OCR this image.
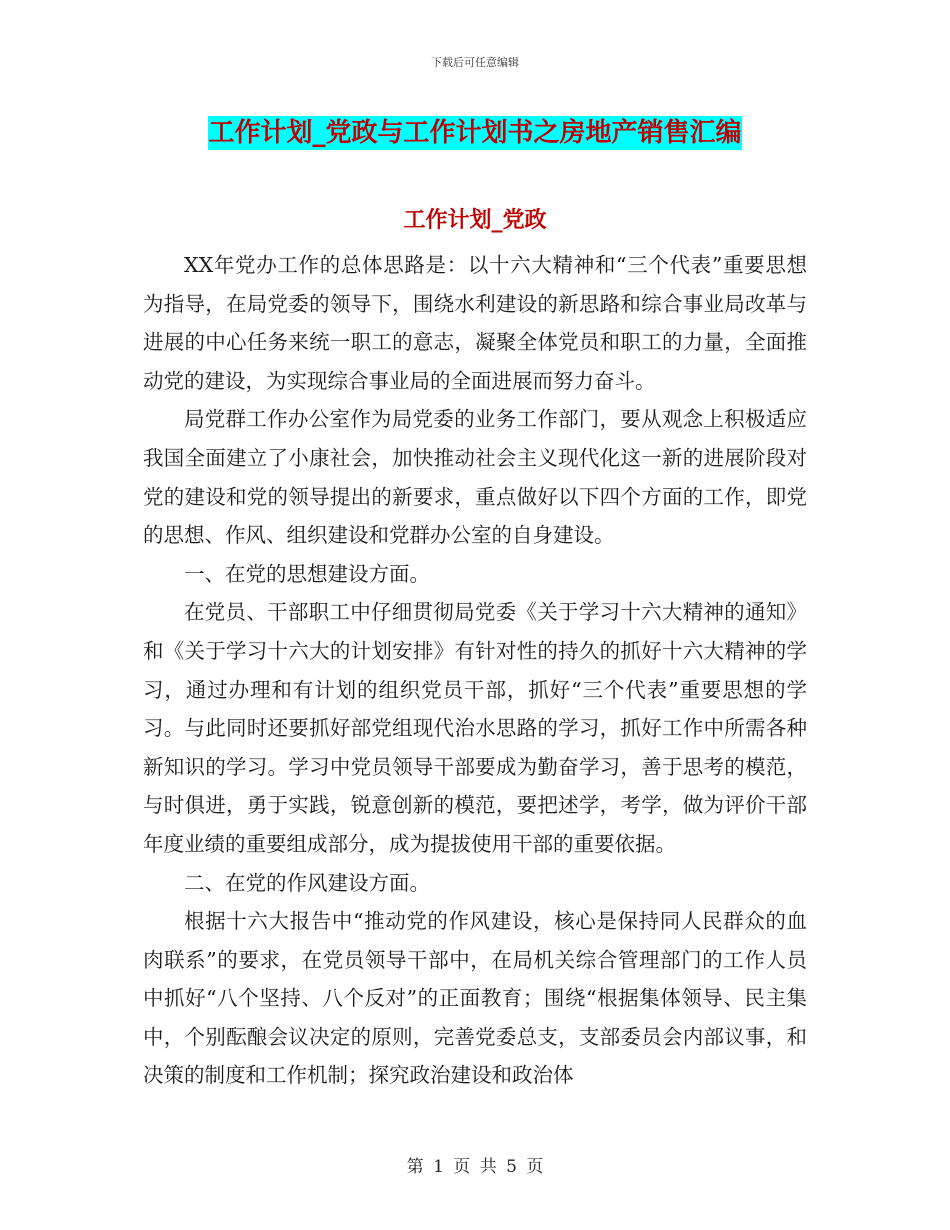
下载后可任意编辑
工作计划_党政与工作计划书之房地产销售汇编
工作计划_党政

XX年党办工作的总体思路是：以十六大精神和“三个代表”重要思想为指导，在局党委的领导下，围绕水利建设的新思路和综合事业局改革与进展的中心任务来统一职工的意志，凝聚全体党员和职工的力量，全面推动党的建设，为实现综合事业局的全面进展而努力奋斗。

局党群工作办公室作为局党委的业务工作部门，要从观念上积极适应我国全面建立了小康社会，加快推动社会主义现代化这一新的进展阶段对党的建设和党的领导提出的新要求，重点做好以下四个方面的工作，即党的思想、作风、组织建设和党群办公室的自身建设。

一、在党的思想建设方面。

在党员、干部职工中仔细贯彻局党委《关于学习十六大精神的通知》和《关于学习十六大的计划安排》有针对性的持久的抓好十六大精神的学习，通过办理和有计划的组织党员干部，抓好“三个代表”重要思想的学习。与此同时还要抓好部党组现代治水思路的学习，抓好工作中所需各种新知识的学习。学习中党员领导干部要成为勤奋学习，善于思考的模范，与时俱进，勇于实践，锐意创新的模范，要把述学，考学，做为评价干部年度业绩的重要组成部分，成为提拔使用干部的重要依据。

二、在党的作风建设方面。

根据十六大报告中“推动党的作风建设，核心是保持同人民群众的血肉联系”的要求，在党员领导干部中，在局机关综合管理部门的工作人员中抓好“八个坚持、八个反对”的正面教育；围绕“根据集体领导、民主集中，个别酝酿会议决定的原则，完善党委总支，支部委员会内部议事，和决策的制度和工作机制；探究政治建设和政治体

第 1 页 共 5 页
